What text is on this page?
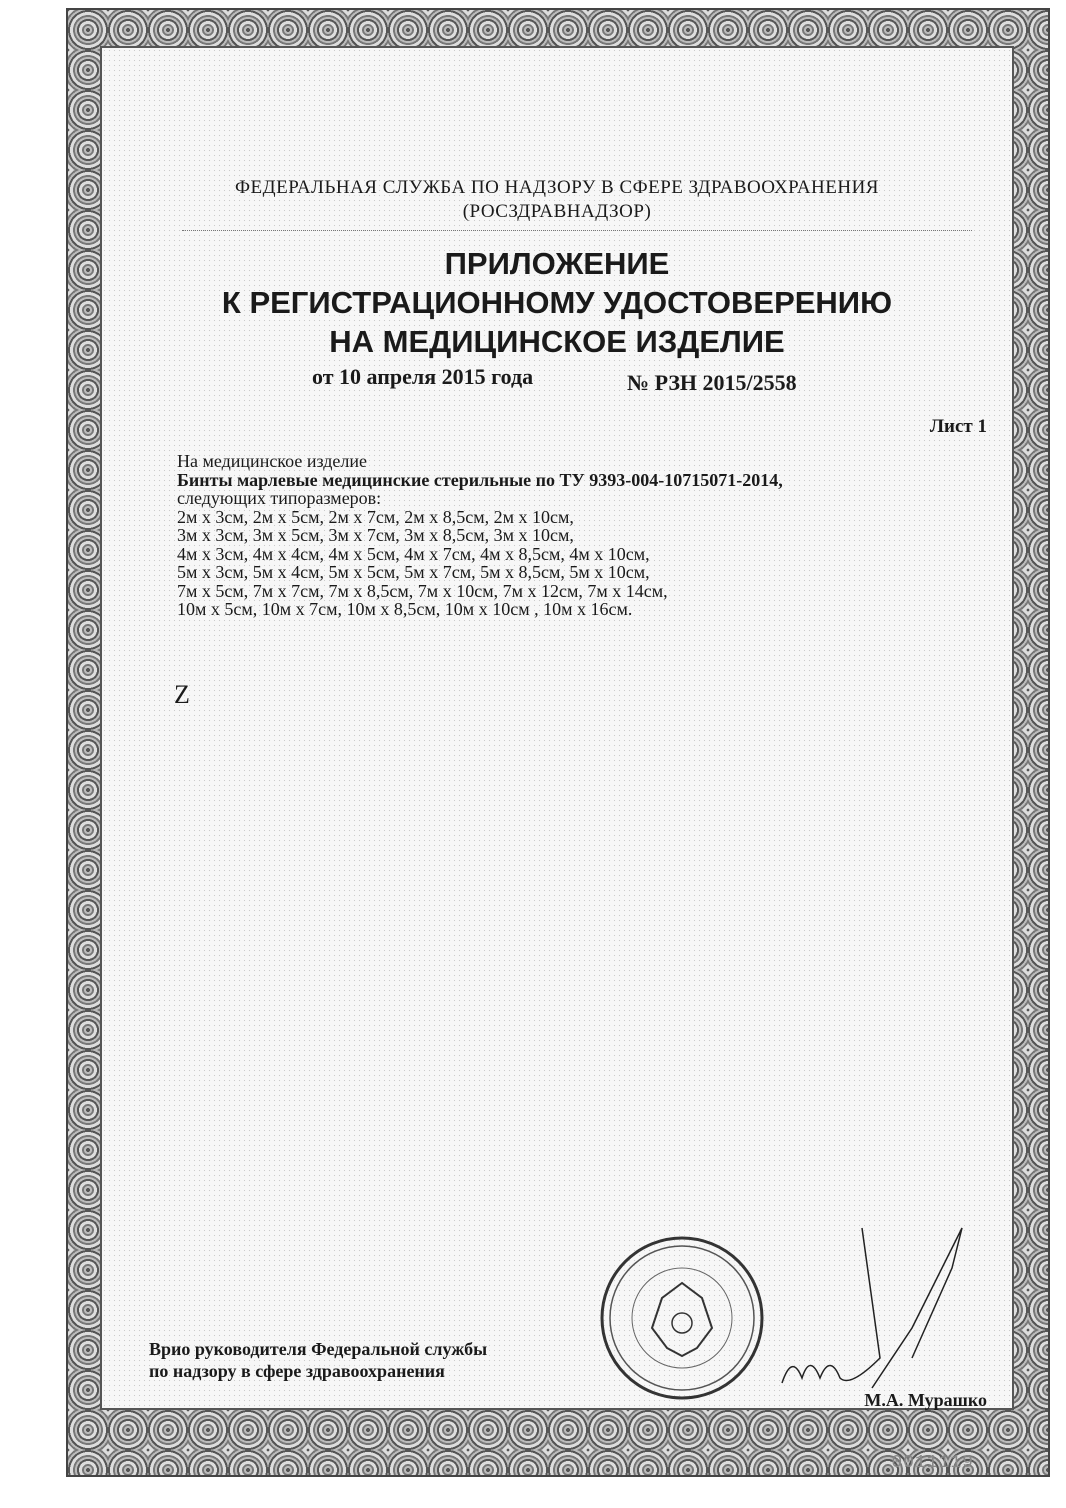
ФЕДЕРАЛЬНАЯ СЛУЖБА ПО НАДЗОРУ В СФЕРЕ ЗДРАВООХРАНЕНИЯ
(РОСЗДРАВНАДЗОР)
ПРИЛОЖЕНИЕ
К РЕГИСТРАЦИОННОМУ УДОСТОВЕРЕНИЮ
НА МЕДИЦИНСКОЕ ИЗДЕЛИЕ
от 10 апреля 2015 года	№ РЗН 2015/2558
Лист 1
На медицинское изделие
Бинты марлевые медицинские стерильные по ТУ 9393-004-10715071-2014,
следующих типоразмеров:
2м х 3см, 2м х 5см, 2м х 7см, 2м х 8,5см, 2м х 10см,
3м х 3см, 3м х 5см, 3м х 7см, 3м х 8,5см, 3м х 10см,
4м х 3см, 4м х 4см, 4м х 5см, 4м х 7см, 4м х 8,5см, 4м х 10см,
5м х 3см, 5м х 4см, 5м х 5см, 5м х 7см, 5м х 8,5см, 5м х 10см,
7м х 5см, 7м х 7см, 7м х 8,5см, 7м х 10см, 7м х 12см, 7м х 14см,
10м х 5см, 10м х 7см, 10м х 8,5см, 10м х 10см , 10м х 16см.
Z
Врио руководителя Федеральной службы
по надзору в сфере здравоохранения
М.А. Мурашко
0011119
